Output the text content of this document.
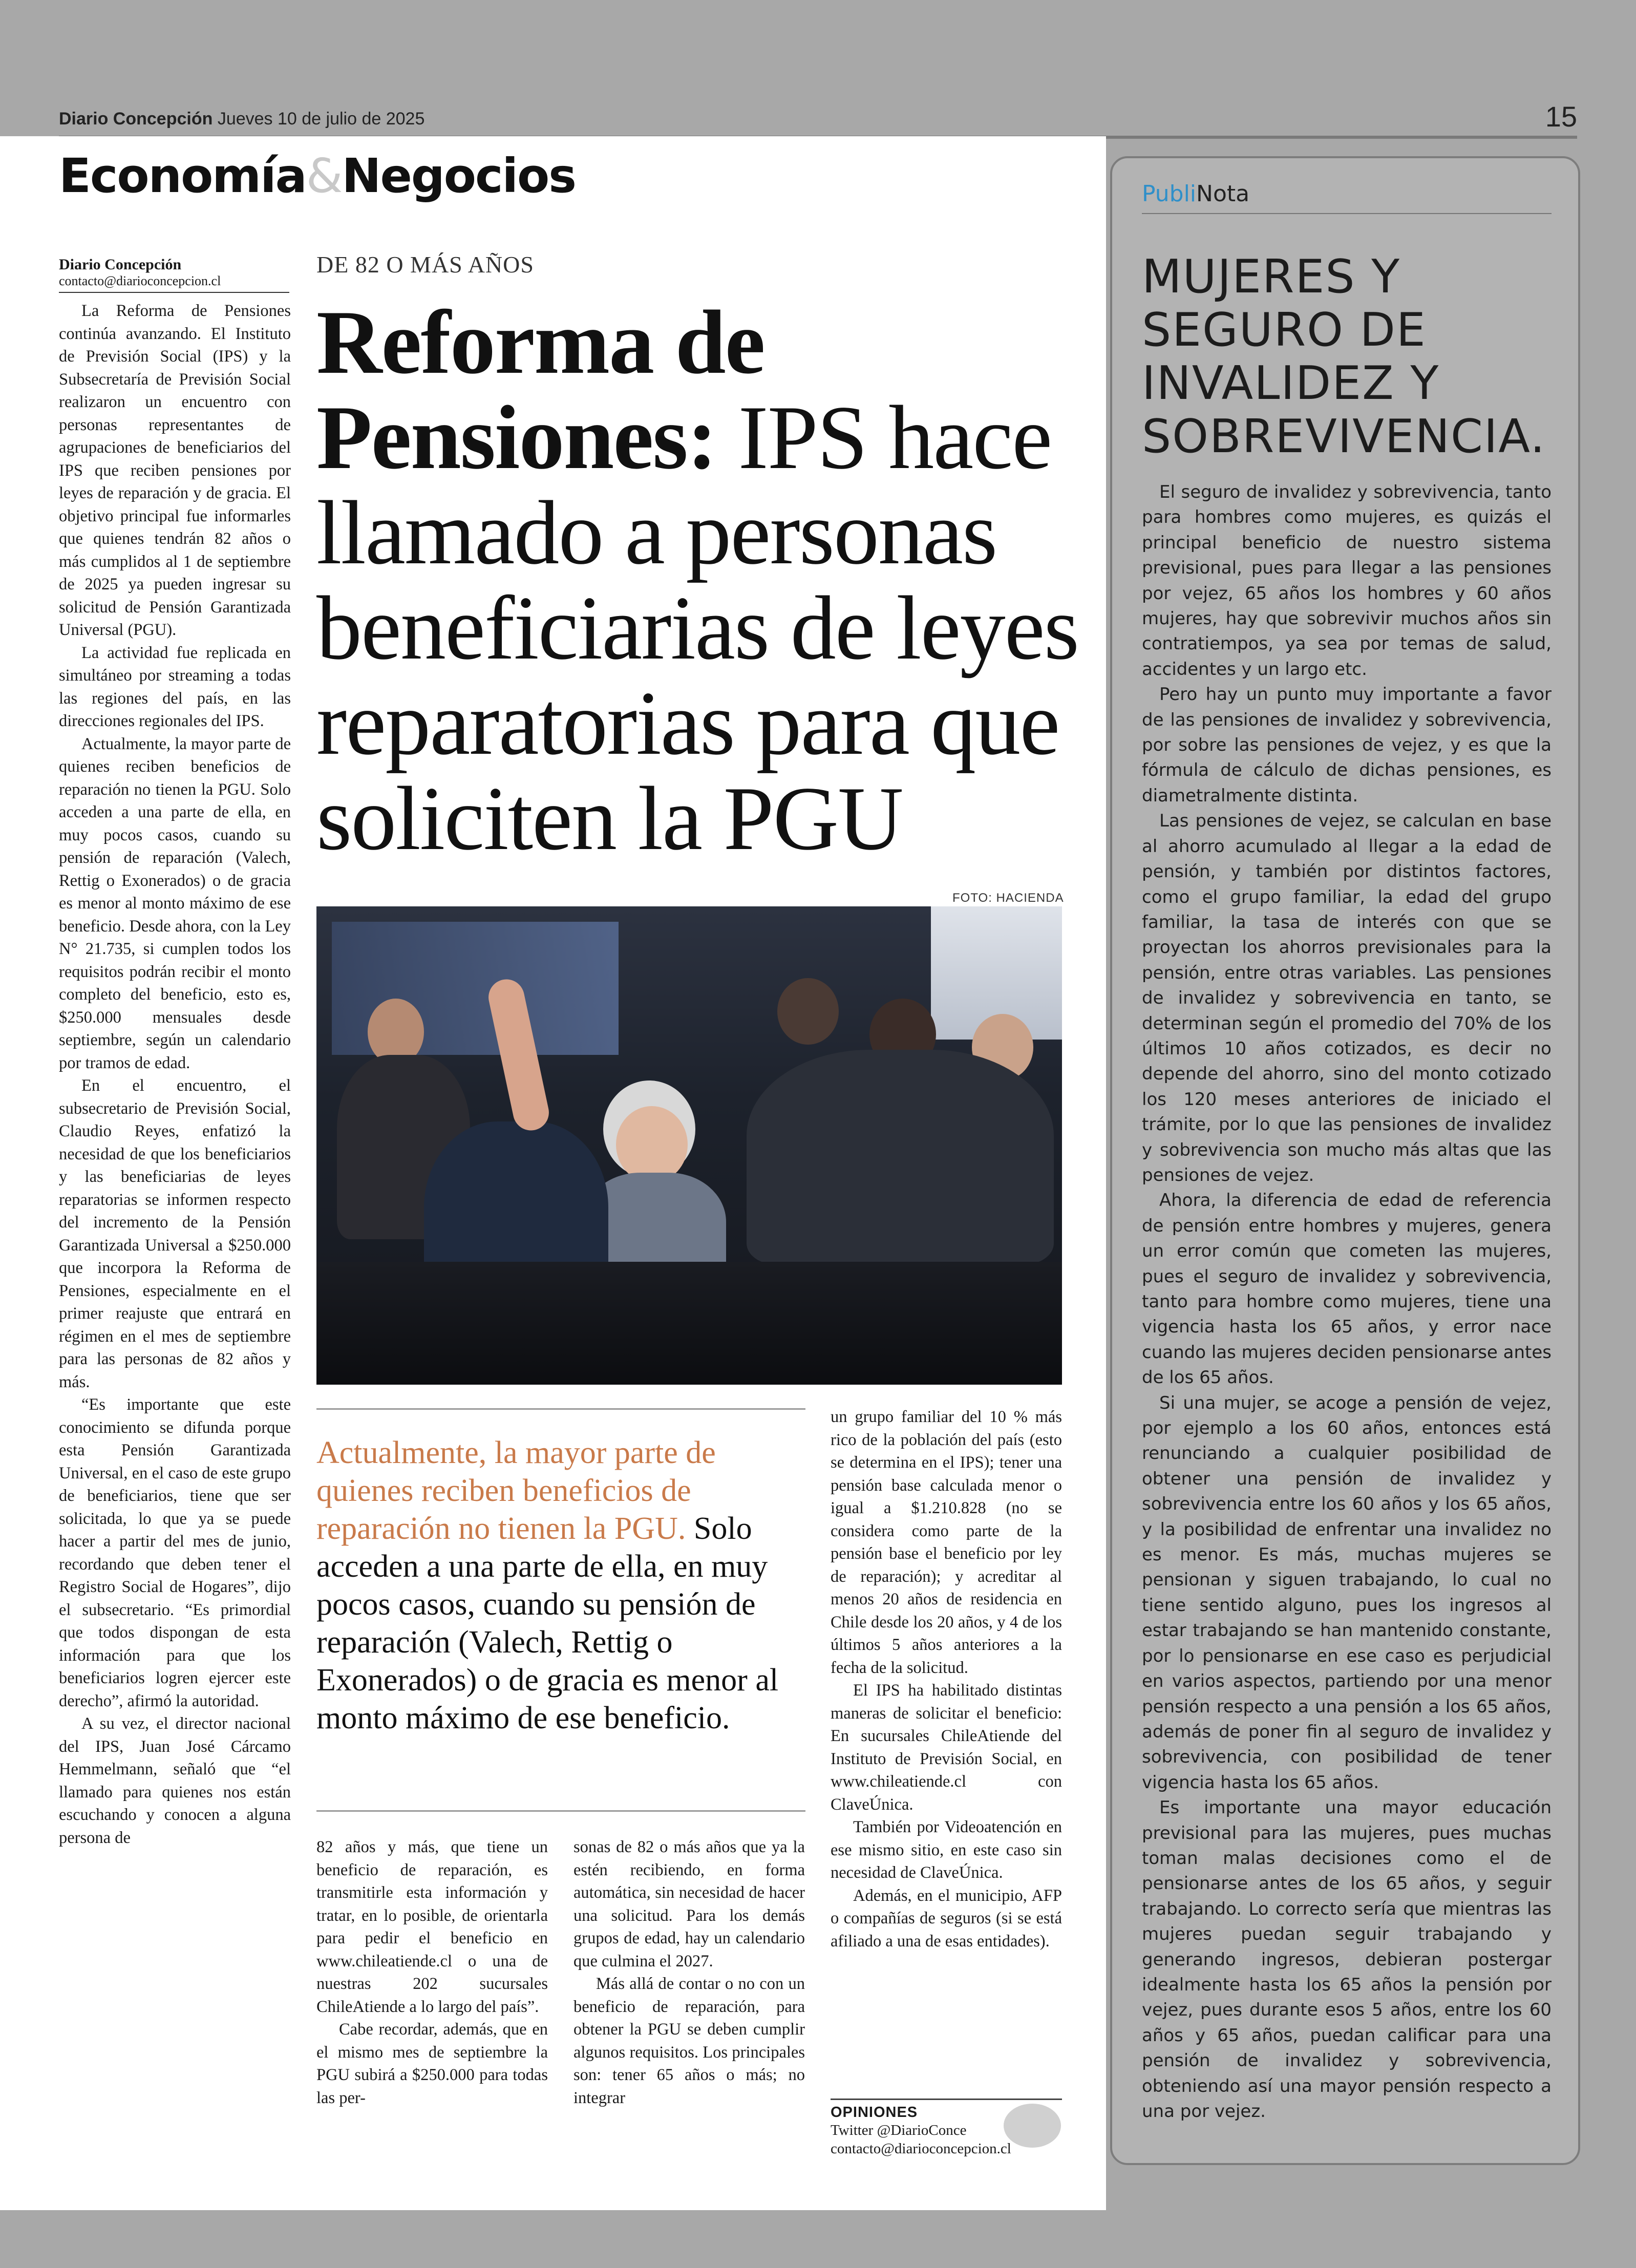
Diario Concepción Jueves 10 de julio de 2025	15
Economía&Negocios
Diario Concepción
contacto@diarioconcepcion.cl

La Reforma de Pensiones continúa avanzando. El Instituto de Previsión Social (IPS) y la Subsecretaría de Previsión Social realizaron un encuentro con personas representantes de agrupaciones de beneficiarios del IPS que reciben pensiones por leyes de reparación y de gracia. El objetivo principal fue informarles que quienes tendrán 82 años o más cumplidos al 1 de septiembre de 2025 ya pueden ingresar su solicitud de Pensión Garantizada Universal (PGU).

La actividad fue replicada en simultáneo por streaming a todas las regiones del país, en las direcciones regionales del IPS.

Actualmente, la mayor parte de quienes reciben beneficios de reparación no tienen la PGU. Solo acceden a una parte de ella, en muy pocos casos, cuando su pensión de reparación (Valech, Rettig o Exonerados) o de gracia es menor al monto máximo de ese beneficio. Desde ahora, con la Ley N° 21.735, si cumplen todos los requisitos podrán recibir el monto completo del beneficio, esto es, $250.000 mensuales desde septiembre, según un calendario por tramos de edad.

En el encuentro, el subsecretario de Previsión Social, Claudio Reyes, enfatizó la necesidad de que los beneficiarios y las beneficiarias de leyes reparatorias se informen respecto del incremento de la Pensión Garantizada Universal a $250.000 que incorpora la Reforma de Pensiones, especialmente en el primer reajuste que entrará en régimen en el mes de septiembre para las personas de 82 años y más.

“Es importante que este conocimiento se difunda porque esta Pensión Garantizada Universal, en el caso de este grupo de beneficiarios, tiene que ser solicitada, lo que ya se puede hacer a partir del mes de junio, recordando que deben tener el Registro Social de Hogares”, dijo el subsecretario. “Es primordial que todos dispongan de esta información para que los beneficiarios logren ejercer este derecho”, afirmó la autoridad.

A su vez, el director nacional del IPS, Juan José Cárcamo Hemmelmann, señaló que “el llamado para quienes nos están escuchando y conocen a alguna persona de

DE 82 O MÁS AÑOS
Reforma de Pensiones: IPS hace llamado a personas beneficiarias de leyes reparatorias para que soliciten la PGU
FOTO: HACIENDA
Actualmente, la mayor parte de quienes reciben beneficios de reparación no tienen la PGU. Solo acceden a una parte de ella, en muy pocos casos, cuando su pensión de reparación (Valech, Rettig o Exonerados) o de gracia es menor al monto máximo de ese beneficio.

82 años y más, que tiene un beneficio de reparación, es transmitirle esta información y tratar, en lo posible, de orientarla para pedir el beneficio en www.chileatiende.cl o una de nuestras 202 sucursales ChileAtiende a lo largo del país”.

Cabe recordar, además, que en el mismo mes de septiembre la PGU subirá a $250.000 para todas las per-

sonas de 82 o más años que ya la estén recibiendo, en forma automática, sin necesidad de hacer una solicitud. Para los demás grupos de edad, hay un calendario que culmina el 2027.

Más allá de contar o no con un beneficio de reparación, para obtener la PGU se deben cumplir algunos requisitos. Los principales son: tener 65 años o más; no integrar

un grupo familiar del 10 % más rico de la población del país (esto se determina en el IPS); tener una pensión base calculada menor o igual a $1.210.828 (no se considera como parte de la pensión base el beneficio por ley de reparación); y acreditar al menos 20 años de residencia en Chile desde los 20 años, y 4 de los últimos 5 años anteriores a la fecha de la solicitud.

El IPS ha habilitado distintas maneras de solicitar el beneficio: En sucursales ChileAtiende del Instituto de Previsión Social, en www.chileatiende.cl con ClaveÚnica.

También por Videoatención en ese mismo sitio, en este caso sin necesidad de ClaveÚnica.

Además, en el municipio, AFP o compañías de seguros (si se está afiliado a una de esas entidades).

OPINIONES
Twitter @DiarioConce
contacto@diarioconcepcion.cl
PubliNota
MUJERES Y SEGURO DE INVALIDEZ Y SOBREVIVENCIA.

El seguro de invalidez y sobrevivencia, tanto para hombres como mujeres, es quizás el principal beneficio de nuestro sistema previsional, pues para llegar a las pensiones por vejez, 65 años los hombres y 60 años mujeres, hay que sobrevivir muchos años sin contratiempos, ya sea por temas de salud, accidentes y un largo etc.

Pero hay un punto muy importante a favor de las pensiones de invalidez y sobrevivencia, por sobre las pensiones de vejez, y es que la fórmula de cálculo de dichas pensiones, es diametralmente distinta.

Las pensiones de vejez, se calculan en base al ahorro acumulado al llegar a la edad de pensión, y también por distintos factores, como el grupo familiar, la edad del grupo familiar, la tasa de interés con que se proyectan los ahorros previsionales para la pensión, entre otras variables. Las pensiones de invalidez y sobrevivencia en tanto, se determinan según el promedio del 70% de los últimos 10 años cotizados, es decir no depende del ahorro, sino del monto cotizado los 120 meses anteriores de iniciado el trámite, por lo que las pensiones de invalidez y sobrevivencia son mucho más altas que las pensiones de vejez.

Ahora, la diferencia de edad de referencia de pensión entre hombres y mujeres, genera un error común que cometen las mujeres, pues el seguro de invalidez y sobrevivencia, tanto para hombre como mujeres, tiene una vigencia hasta los 65 años, y error nace cuando las mujeres deciden pensionarse antes de los 65 años.

Si una mujer, se acoge a pensión de vejez, por ejemplo a los 60 años, entonces está renunciando a cualquier posibilidad de obtener una pensión de invalidez y sobrevivencia entre los 60 años y los 65 años, y la posibilidad de enfrentar una invalidez no es menor. Es más, muchas mujeres se pensionan y siguen trabajando, lo cual no tiene sentido alguno, pues los ingresos al estar trabajando se han mantenido constante, por lo pensionarse en ese caso es perjudicial en varios aspectos, partiendo por una menor pensión respecto a una pensión a los 65 años, además de poner fin al seguro de invalidez y sobrevivencia, con posibilidad de tener vigencia hasta los 65 años.

Es importante una mayor educación previsional para las mujeres, pues muchas toman malas decisiones como el de pensionarse antes de los 65 años, y seguir trabajando. Lo correcto sería que mientras las mujeres puedan seguir trabajando y generando ingresos, debieran postergar idealmente hasta los 65 años la pensión por vejez, pues durante esos 5 años, entre los 60 años y 65 años, puedan calificar para una pensión de invalidez y sobrevivencia, obteniendo así una mayor pensión respecto a una por vejez.
